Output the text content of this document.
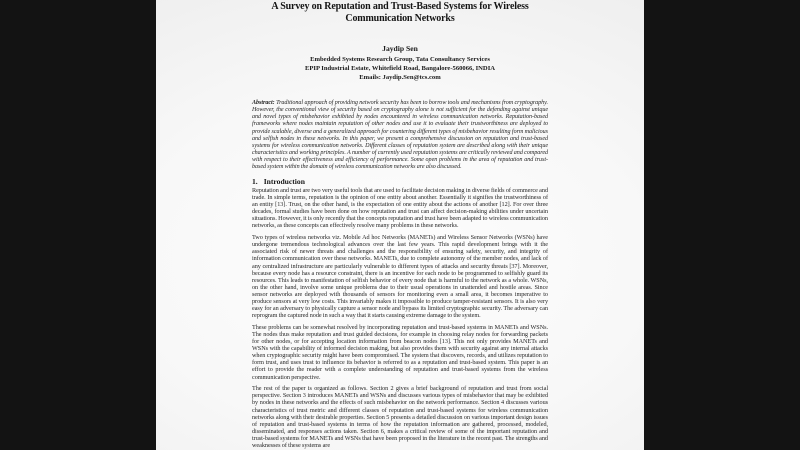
A Survey on Reputation and Trust-Based Systems for Wireless Communication Networks
Jaydip Sen
Embedded Systems Research Group, Tata Consultancy Services
EPIP Industrial Estate, Whitefield Road, Bangalore-560066, INDIA
Emails: Jaydip.Sen@tcs.com
Abstract: Traditional approach of providing network security has been to borrow tools and mechanisms from cryptography. However, the conventional view of security based on cryptography alone is not sufficient for the defending against unique and novel types of misbehavior exhibited by nodes encountered in wireless communication networks. Reputation-based frameworks where nodes maintain reputation of other nodes and use it to evaluate their trustworthiness are deployed to provide scalable, diverse and a generalized approach for countering different types of misbehavior resulting form malicious and selfish nodes in these networks. In this paper, we present a comprehensive discussion on reputation and trust-based systems for wireless communication networks. Different classes of reputation system are described along with their unique characteristics and working principles. A number of currently used reputation systems are critically reviewed and compared with respect to their effectiveness and efficiency of performance. Some open problems in the area of reputation and trust-based system within the domain of wireless communication networks are also discussed.
1. Introduction

Reputation and trust are two very useful tools that are used to facilitate decision making in diverse fields of commerce and trade. In simple terms, reputation is the opinion of one entity about another. Essentially it signifies the trustworthiness of an entity [13]. Trust, on the other hand, is the expectation of one entity about the actions of another [12]. For over three decades, formal studies have been done on how reputation and trust can affect decision-making abilities under uncertain situations. However, it is only recently that the concepts reputation and trust have been adapted to wireless communication networks, as these concepts can effectively resolve many problems in these networks.

Two types of wireless networks viz. Mobile Ad hoc Networks (MANETs) and Wireless Sensor Networks (WSNs) have undergone tremendous technological advances over the last few years. This rapid development brings with it the associated risk of newer threats and challenges and the responsibility of ensuring safety, security, and integrity of information communication over these networks. MANETs, due to complete autonomy of the member nodes, and lack of any centralized infrastructure are particularly vulnerable to different types of attacks and security threats [37]. Moreover, because every node has a resource constraint, there is an incentive for each node to be programmed to selfishly guard its resources. This leads to manifestation of selfish behavior of every node that is harmful to the network as a whole. WSNs, on the other hand, involve some unique problems due to their usual operations in unattended and hostile areas. Since sensor networks are deployed with thousands of sensors for monitoring even a small area, it becomes imperative to produce sensors at very low costs. This invariably makes it impossible to produce tamper-resistant sensors. It is also very easy for an adversary to physically capture a sensor node and bypass its limited cryptographic security. The adversary can reprogram the captured node in such a way that it starts causing extreme damage to the system.

These problems can be somewhat resolved by incorporating reputation and trust-based systems in MANETs and WSNs. The nodes thus make reputation and trust guided decisions, for example in choosing relay nodes for forwarding packets for other nodes, or for accepting location information from beacon nodes [13]. This not only provides MANETs and WSNs with the capability of informed decision making, but also provides them with security against any internal attacks when cryptographic security might have been compromised. The system that discovers, records, and utilizes reputation to form trust, and uses trust to influence its behavior is referred to as a reputation and trust-based system. This paper is an effort to provide the reader with a complete understanding of reputation and trust-based systems from the wireless communication perspective.

The rest of the paper is organized as follows. Section 2 gives a brief background of reputation and trust from social perspective. Section 3 introduces MANETs and WSNs and discusses various types of misbehavior that may be exhibited by nodes in these networks and the effects of such misbehavior on the network performance. Section 4 discusses various characteristics of trust metric and different classes of reputation and trust-based systems for wireless communication networks along with their desirable properties. Section 5 presents a detailed discussion on various important design issues of reputation and trust-based systems in terms of how the reputation information are gathered, processed, modeled, disseminated, and responses actions taken. Section 6, makes a critical review of some of the important reputation and trust-based systems for MANETs and WSNs that have been proposed in the literature in the recent past. The strengths and weaknesses of these systems are
